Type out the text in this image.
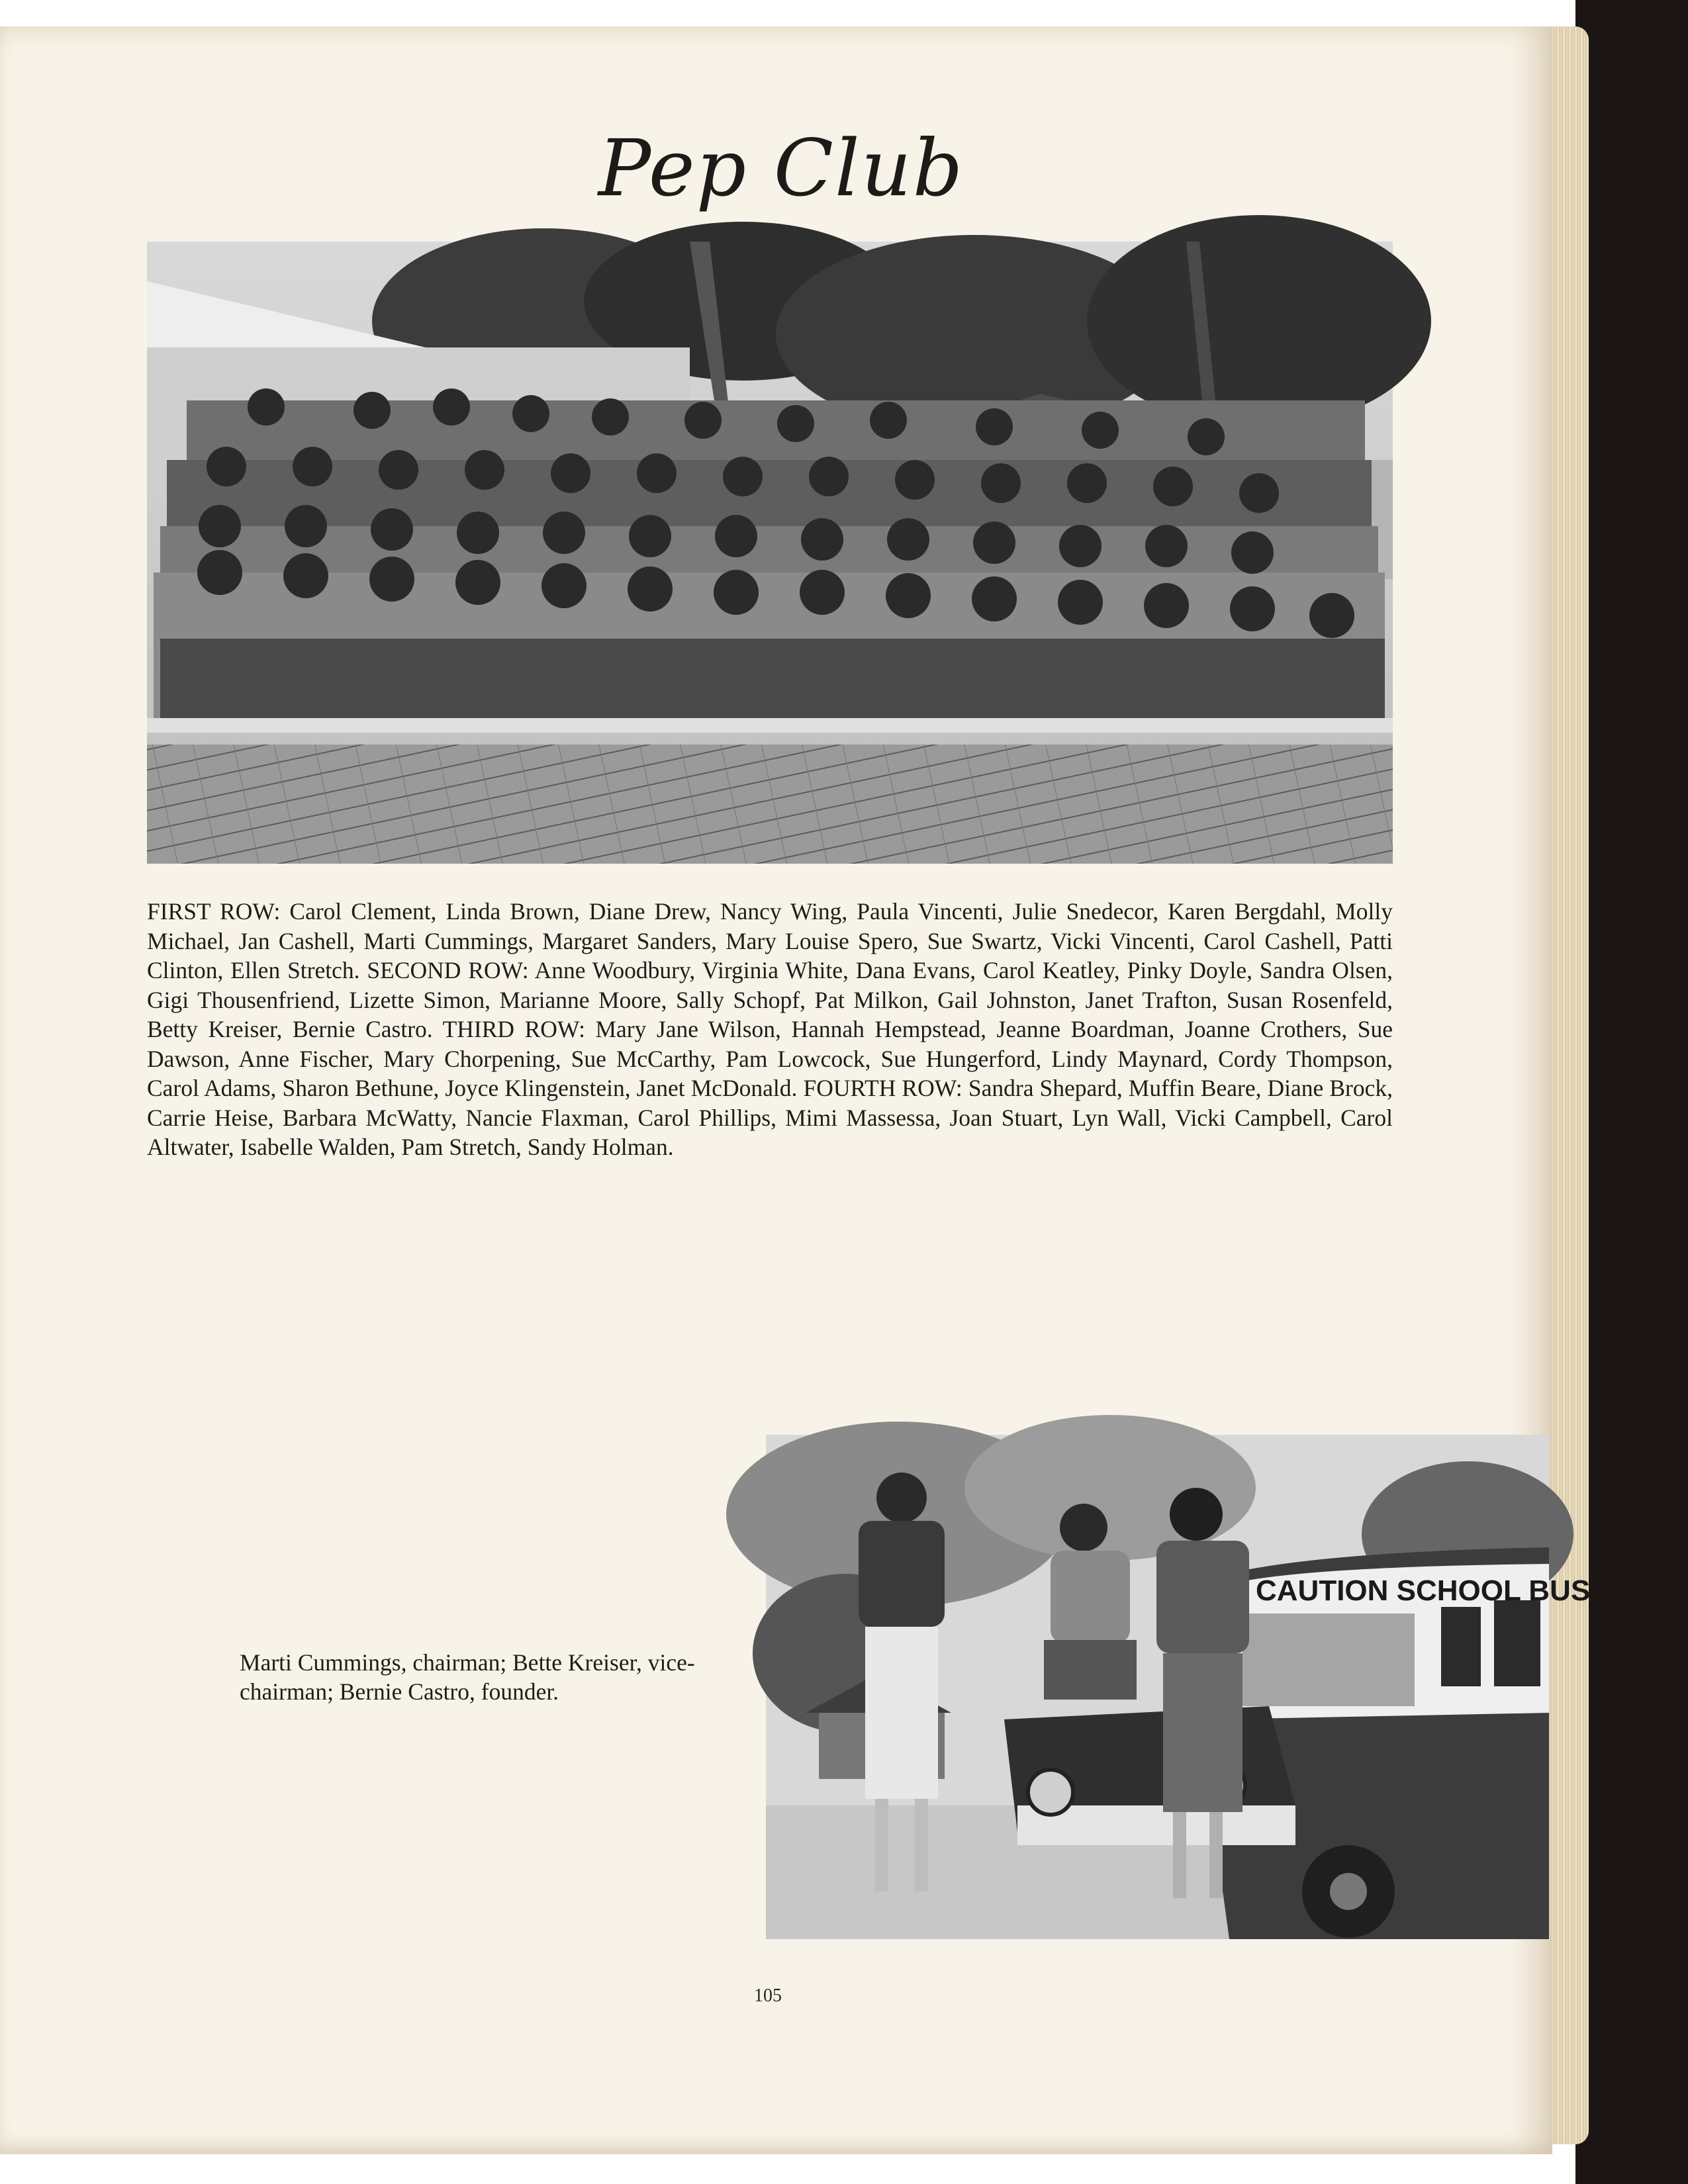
Pep Club
FIRST ROW: Carol Clement, Linda Brown, Diane Drew, Nancy Wing, Paula Vincenti, Julie Snedecor, Karen Bergdahl, Molly Michael, Jan Cashell, Marti Cummings, Margaret Sanders, Mary Louise Spero, Sue Swartz, Vicki Vincenti, Carol Cashell, Patti Clinton, Ellen Stretch. SECOND ROW: Anne Woodbury, Virginia White, Dana Evans, Carol Keatley, Pinky Doyle, Sandra Olsen, Gigi Thousenfriend, Lizette Simon, Marianne Moore, Sally Schopf, Pat Milkon, Gail Johnston, Janet Trafton, Susan Rosenfeld, Betty Kreiser, Bernie Castro. THIRD ROW: Mary Jane Wilson, Hannah Hempstead, Jeanne Boardman, Joanne Crothers, Sue Dawson, Anne Fischer, Mary Chorpening, Sue McCarthy, Pam Lowcock, Sue Hungerford, Lindy Maynard, Cordy Thompson, Carol Adams, Sharon Bethune, Joyce Klingenstein, Janet McDonald. FOURTH ROW: Sandra Shepard, Muffin Beare, Diane Brock, Carrie Heise, Barbara McWatty, Nancie Flaxman, Carol Phillips, Mimi Massessa, Joan Stuart, Lyn Wall, Vicki Campbell, Carol Altwater, Isabelle Walden, Pam Stretch, Sandy Holman.
Marti Cummings, chairman; Bette Kreiser, vice-chairman; Bernie Castro, founder.
CAUTION SCHOOL BUS
105
